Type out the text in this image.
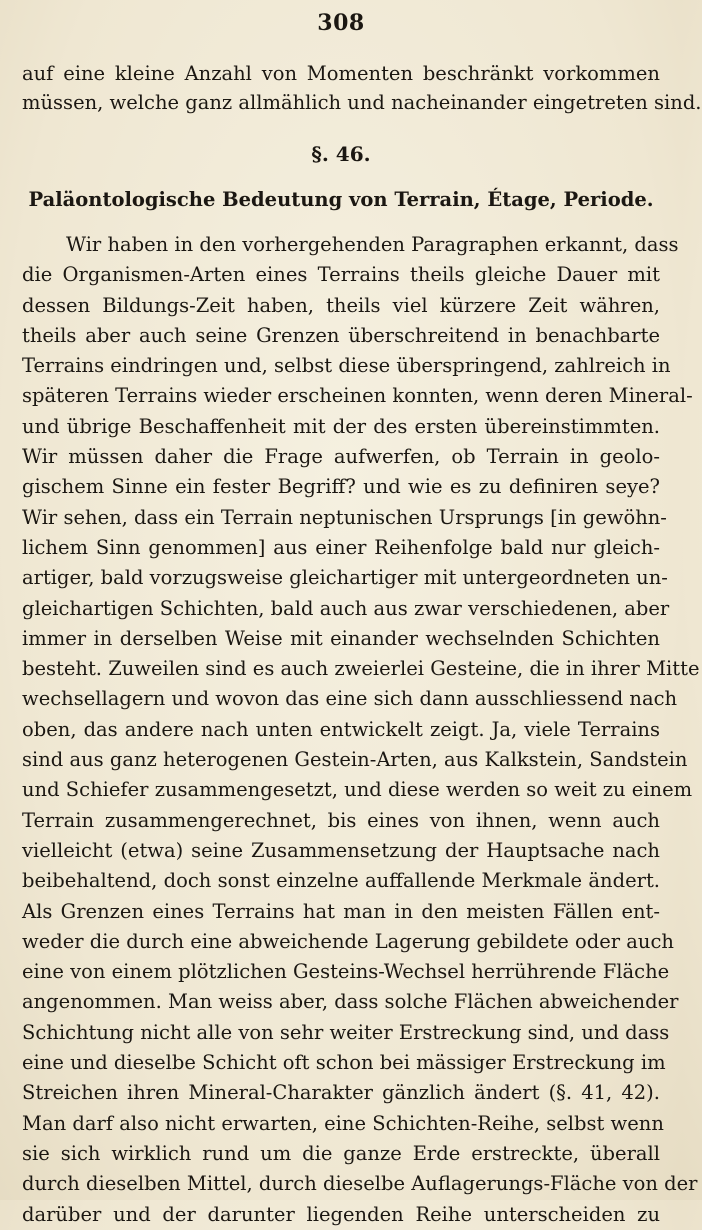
308
auf eine kleine Anzahl von Momenten beschränkt vorkommen
müssen, welche ganz allmählich und nacheinander eingetreten sind.
§. 46.
Paläontologische Bedeutung von Terrain, Étage, Periode.
Wir haben in den vorhergehenden Paragraphen erkannt, dass
die Organismen-Arten eines Terrains theils gleiche Dauer mit
dessen Bildungs-Zeit haben, theils viel kürzere Zeit währen,
theils aber auch seine Grenzen überschreitend in benachbarte
Terrains eindringen und, selbst diese überspringend, zahlreich in
späteren Terrains wieder erscheinen konnten, wenn deren Mineral-
und übrige Beschaffenheit mit der des ersten übereinstimmten.
Wir müssen daher die Frage aufwerfen, ob Terrain in geolo-
gischem Sinne ein fester Begriff? und wie es zu definiren seye?
Wir sehen, dass ein Terrain neptunischen Ursprungs [in gewöhn-
lichem Sinn genommen] aus einer Reihenfolge bald nur gleich-
artiger, bald vorzugsweise gleichartiger mit untergeordneten un-
gleichartigen Schichten, bald auch aus zwar verschiedenen, aber
immer in derselben Weise mit einander wechselnden Schichten
besteht. Zuweilen sind es auch zweierlei Gesteine, die in ihrer Mitte
wechsellagern und wovon das eine sich dann ausschliessend nach
oben, das andere nach unten entwickelt zeigt. Ja, viele Terrains
sind aus ganz heterogenen Gestein-Arten, aus Kalkstein, Sandstein
und Schiefer zusammengesetzt, und diese werden so weit zu einem
Terrain zusammengerechnet, bis eines von ihnen, wenn auch
vielleicht (etwa) seine Zusammensetzung der Hauptsache nach
beibehaltend, doch sonst einzelne auffallende Merkmale ändert.
Als Grenzen eines Terrains hat man in den meisten Fällen ent-
weder die durch eine abweichende Lagerung gebildete oder auch
eine von einem plötzlichen Gesteins-Wechsel herrührende Fläche
angenommen. Man weiss aber, dass solche Flächen abweichender
Schichtung nicht alle von sehr weiter Erstreckung sind, und dass
eine und dieselbe Schicht oft schon bei mässiger Erstreckung im
Streichen ihren Mineral-Charakter gänzlich ändert (§. 41, 42).
Man darf also nicht erwarten, eine Schichten-Reihe, selbst wenn
sie sich wirklich rund um die ganze Erde erstreckte, überall
durch dieselben Mittel, durch dieselbe Auflagerungs-Fläche von der
darüber und der darunter liegenden Reihe unterscheiden zu
